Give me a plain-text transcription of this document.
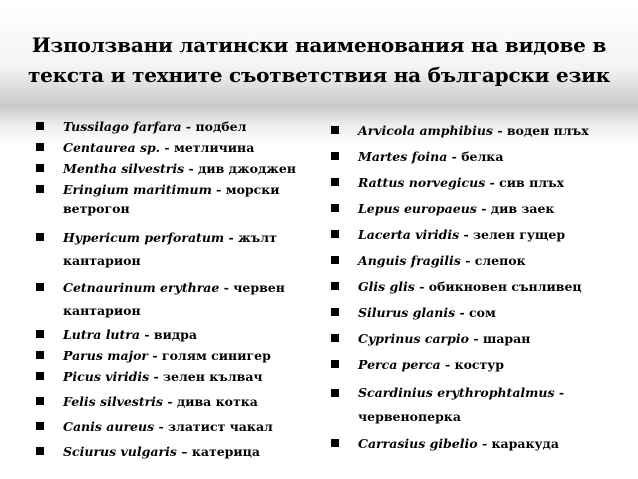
Използвани латински наименования на видове в
текста и техните съответствия на български език
Tussilago farfara - подбел
Centaurea sp. - метличина
Mentha silvestris - див джоджен
Eringium maritimum - морски ветрогон
Hypericum perforatum - жълт кантарион
Cetnaurinum erythrae - червен кантарион
Lutra lutra - видра
Parus major - голям синигер
Picus viridis - зелен кълвач
Felis silvestris - дива котка
Canis aureus - златист чакал
Sciurus vulgaris – катерица
Arvicola amphibius - воден плъх
Martes foina - белка
Rattus norvegicus - сив плъх
Lepus europaeus - див заек
Lacerta viridis - зелен гущер
Anguis fragilis - слепок
Glis glis - обикновен сънливец
Silurus glanis - сом
Cyprinus carpio - шаран
Perca perca - костур
Scardinius erythrophtalmus - червеноперка
Carrasius gibelio - каракуда
